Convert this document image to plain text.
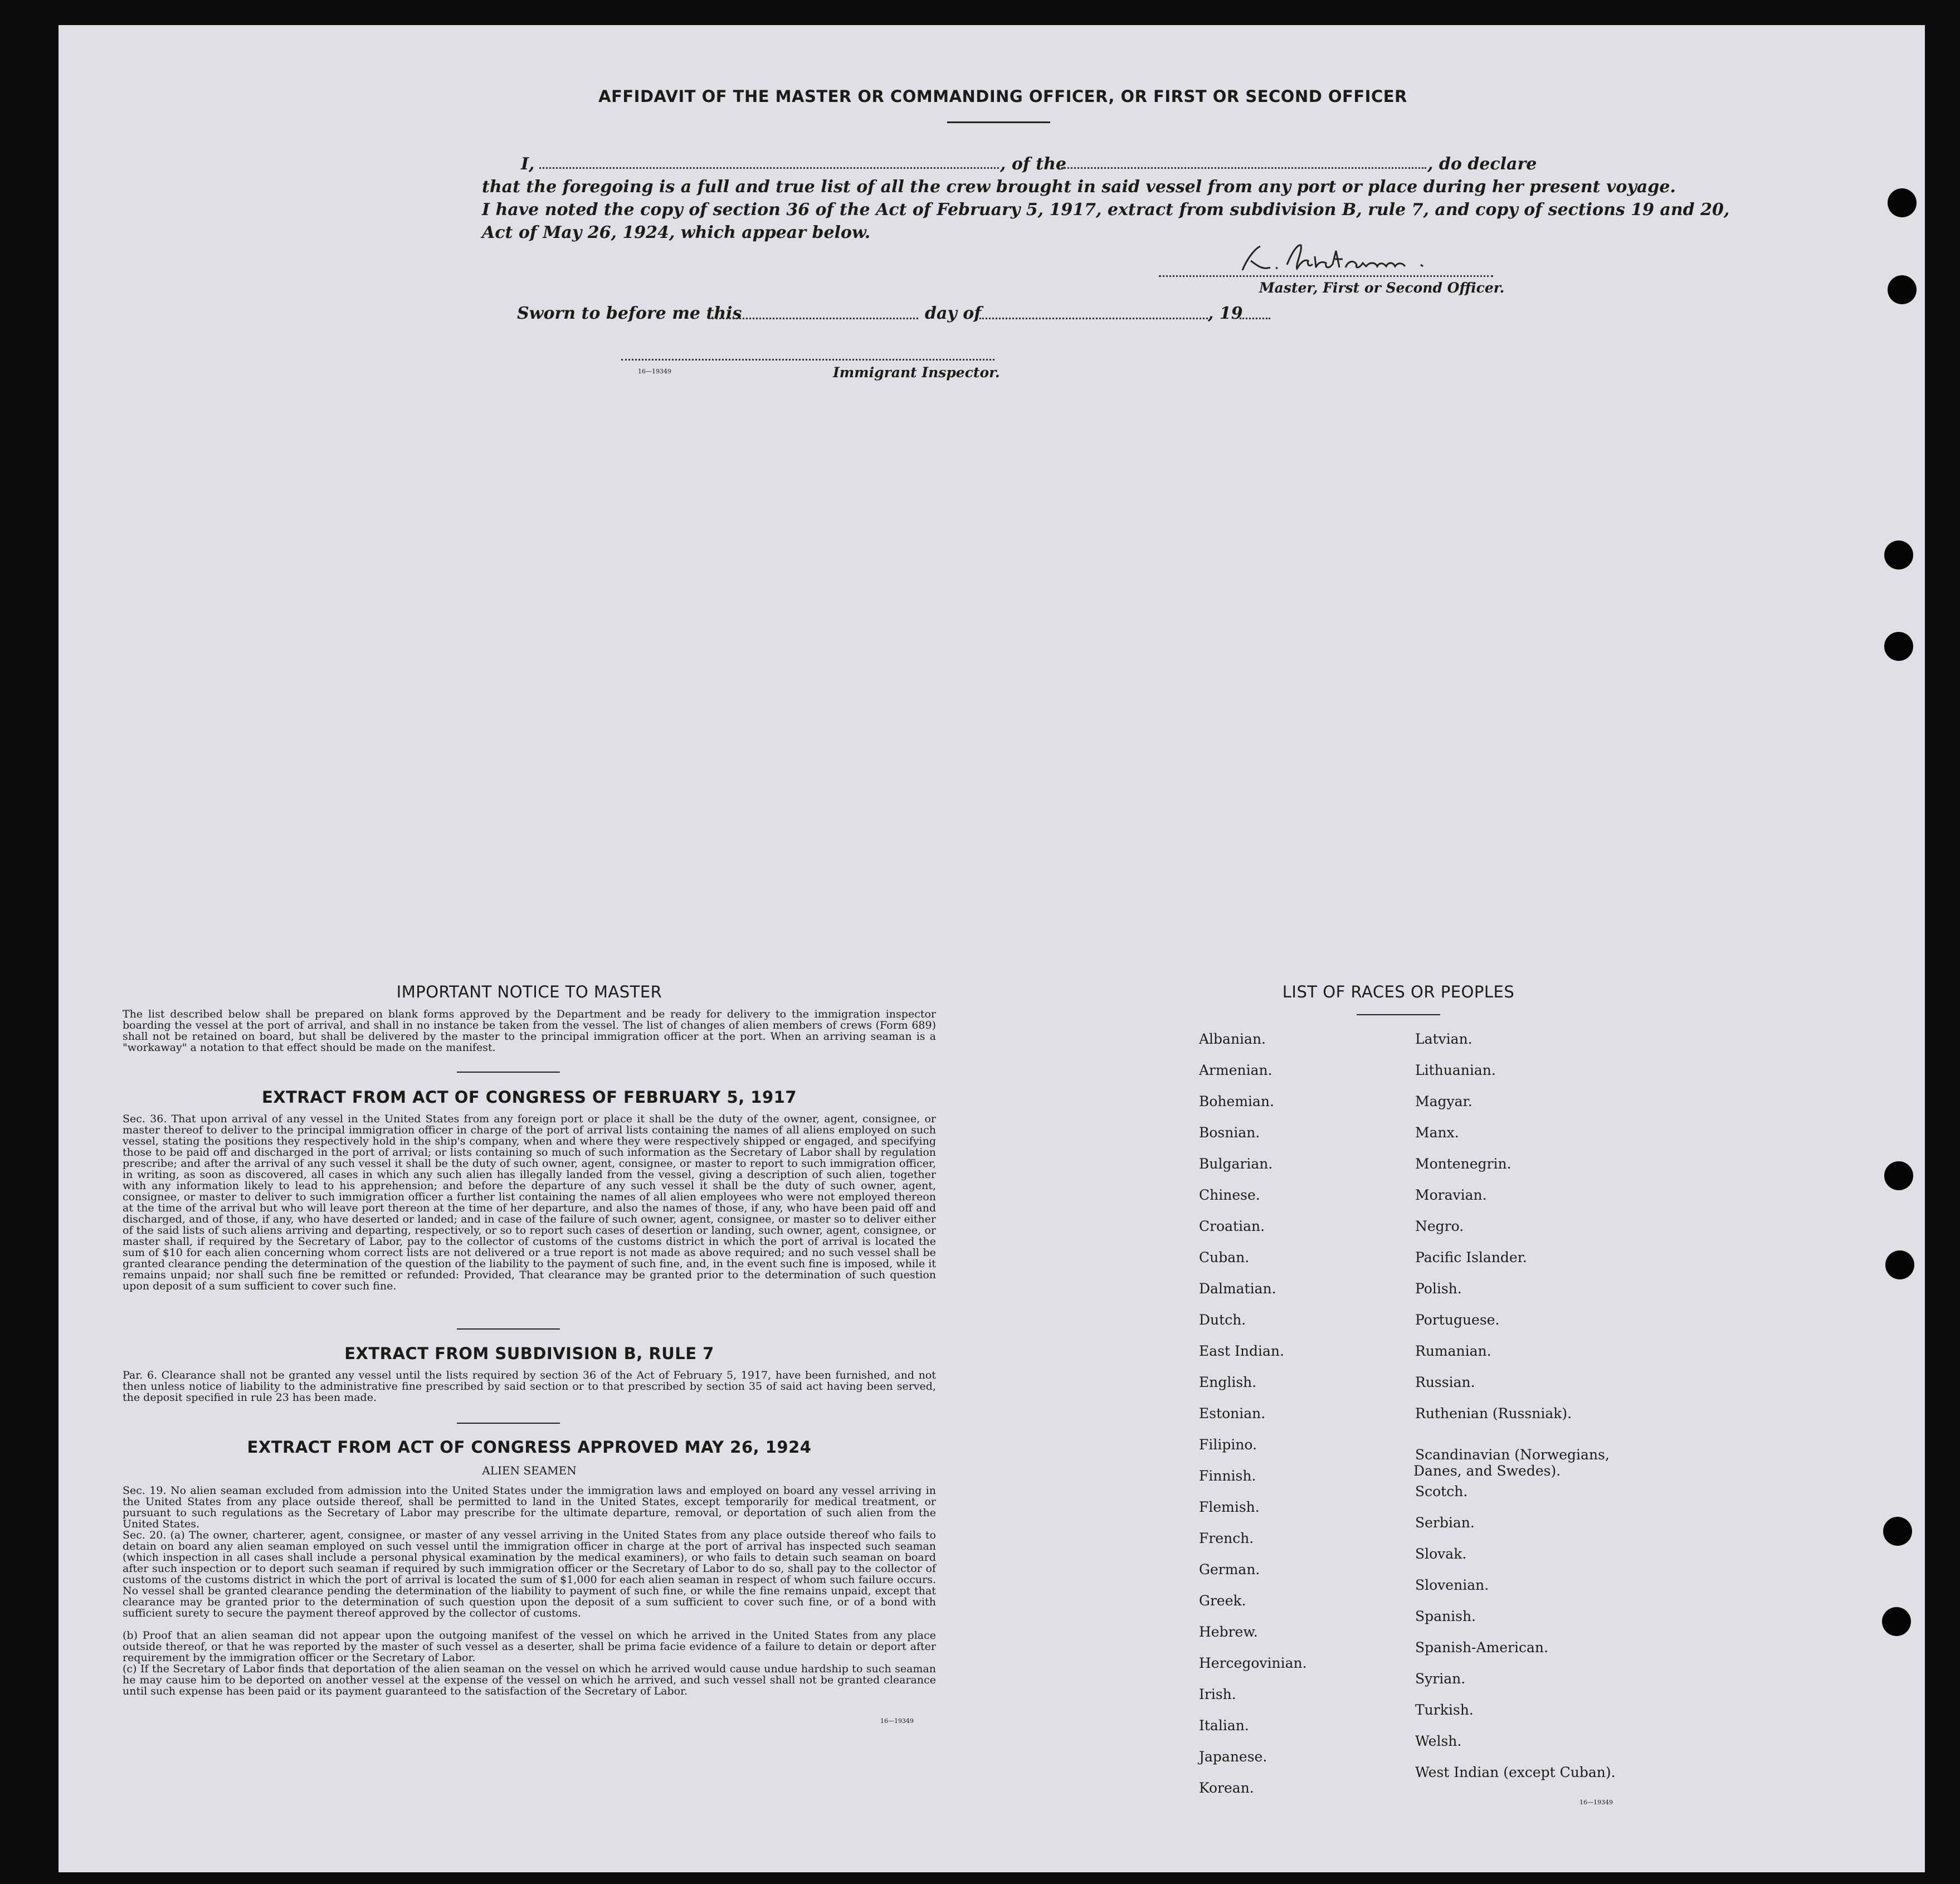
AFFIDAVIT OF THE MASTER OR COMMANDING OFFICER, OR FIRST OR SECOND OFFICER
I,	, of the	, do declare
that the foregoing is a full and true list of all the crew brought in said vessel from any port or place during her present voyage.
I have noted the copy of section 36 of the Act of February 5, 1917, extract from subdivision B, rule 7, and copy of sections 19 and 20,
Act of May 26, 1924, which appear below.
Master, First or Second Officer.
Sworn to before me this	day of	, 19
16—19349	Immigrant Inspector.
IMPORTANT NOTICE TO MASTER
The list described below shall be prepared on blank forms approved by the Department and be ready for delivery to the immigration inspector boarding the vessel at the port of arrival, and shall in no instance be taken from the vessel. The list of changes of alien members of crews (Form 689) shall not be retained on board, but shall be delivered by the master to the principal immigration officer at the port. When an arriving seaman is a "workaway" a notation to that effect should be made on the manifest.
EXTRACT FROM ACT OF CONGRESS OF FEBRUARY 5, 1917
Sec. 36. That upon arrival of any vessel in the United States from any foreign port or place it shall be the duty of the owner, agent, consignee, or master thereof to deliver to the principal immigration officer in charge of the port of arrival lists containing the names of all aliens employed on such vessel, stating the positions they respectively hold in the ship's company, when and where they were respectively shipped or engaged, and specifying those to be paid off and discharged in the port of arrival; or lists containing so much of such information as the Secretary of Labor shall by regulation prescribe; and after the arrival of any such vessel it shall be the duty of such owner, agent, consignee, or master to report to such immigration officer, in writing, as soon as discovered, all cases in which any such alien has illegally landed from the vessel, giving a description of such alien, together with any information likely to lead to his apprehension; and before the departure of any such vessel it shall be the duty of such owner, agent, consignee, or master to deliver to such immigration officer a further list containing the names of all alien employees who were not employed thereon at the time of the arrival but who will leave port thereon at the time of her departure, and also the names of those, if any, who have been paid off and discharged, and of those, if any, who have deserted or landed; and in case of the failure of such owner, agent, consignee, or master so to deliver either of the said lists of such aliens arriving and departing, respectively, or so to report such cases of desertion or landing, such owner, agent, consignee, or master shall, if required by the Secretary of Labor, pay to the collector of customs of the customs district in which the port of arrival is located the sum of $10 for each alien concerning whom correct lists are not delivered or a true report is not made as above required; and no such vessel shall be granted clearance pending the determination of the question of the liability to the payment of such fine, and, in the event such fine is imposed, while it remains unpaid; nor shall such fine be remitted or refunded: Provided, That clearance may be granted prior to the determination of such question upon deposit of a sum sufficient to cover such fine.
EXTRACT FROM SUBDIVISION B, RULE 7
Par. 6. Clearance shall not be granted any vessel until the lists required by section 36 of the Act of February 5, 1917, have been furnished, and not then unless notice of liability to the administrative fine prescribed by said section or to that prescribed by section 35 of said act having been served, the deposit specified in rule 23 has been made.
EXTRACT FROM ACT OF CONGRESS APPROVED MAY 26, 1924
ALIEN SEAMEN
Sec. 19. No alien seaman excluded from admission into the United States under the immigration laws and employed on board any vessel arriving in the United States from any place outside thereof, shall be permitted to land in the United States, except temporarily for medical treatment, or pursuant to such regulations as the Secretary of Labor may prescribe for the ultimate departure, removal, or deportation of such alien from the United States.
Sec. 20. (a) The owner, charterer, agent, consignee, or master of any vessel arriving in the United States from any place outside thereof who fails to detain on board any alien seaman employed on such vessel until the immigration officer in charge at the port of arrival has inspected such seaman (which inspection in all cases shall include a personal physical examination by the medical examiners), or who fails to detain such seaman on board after such inspection or to deport such seaman if required by such immigration officer or the Secretary of Labor to do so, shall pay to the collector of customs of the customs district in which the port of arrival is located the sum of $1,000 for each alien seaman in respect of whom such failure occurs. No vessel shall be granted clearance pending the determination of the liability to payment of such fine, or while the fine remains unpaid, except that clearance may be granted prior to the determination of such question upon the deposit of a sum sufficient to cover such fine, or of a bond with sufficient surety to secure the payment thereof approved by the collector of customs.
(b) Proof that an alien seaman did not appear upon the outgoing manifest of the vessel on which he arrived in the United States from any place outside thereof, or that he was reported by the master of such vessel as a deserter, shall be prima facie evidence of a failure to detain or deport after requirement by the immigration officer or the Secretary of Labor.
(c) If the Secretary of Labor finds that deportation of the alien seaman on the vessel on which he arrived would cause undue hardship to such seaman he may cause him to be deported on another vessel at the expense of the vessel on which he arrived, and such vessel shall not be granted clearance until such expense has been paid or its payment guaranteed to the satisfaction of the Secretary of Labor.
16—19349
LIST OF RACES OR PEOPLES
Albanian.
Armenian.
Bohemian.
Bosnian.
Bulgarian.
Chinese.
Croatian.
Cuban.
Dalmatian.
Dutch.
East Indian.
English.
Estonian.
Filipino.
Finnish.
Flemish.
French.
German.
Greek.
Hebrew.
Hercegovinian.
Irish.
Italian.
Japanese.
Korean.
Latvian.
Lithuanian.
Magyar.
Manx.
Montenegrin.
Moravian.
Negro.
Pacific Islander.
Polish.
Portuguese.
Rumanian.
Russian.
Ruthenian (Russniak).
Scandinavian (Norwegians,
Scotch.
Serbian.
Slovak.
Slovenian.
Spanish.
Spanish-American.
Syrian.
Turkish.
Welsh.
West Indian (except Cuban).
Danes, and Swedes).
16—19349
